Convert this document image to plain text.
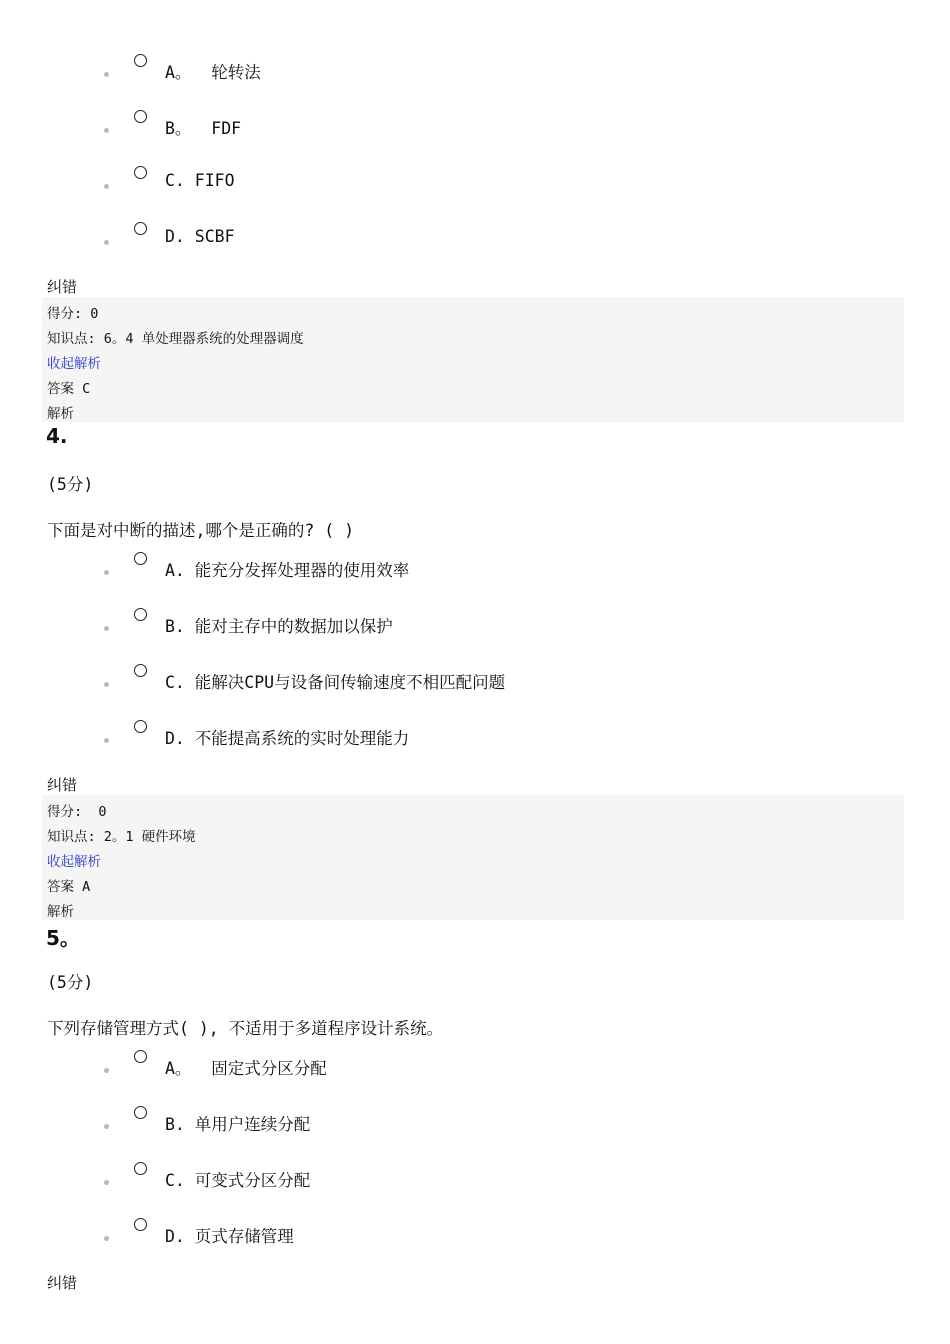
A。  轮转法
B。  FDF
C. FIFO
D. SCBF
纠错
得分: 0
知识点: 6。4 单处理器系统的处理器调度
收起解析
答案 C
解析
4.
(5分)
下面是对中断的描述,哪个是正确的? ( )
A. 能充分发挥处理器的使用效率
B. 能对主存中的数据加以保护
C. 能解决CPU与设备间传输速度不相匹配问题
D. 不能提高系统的实时处理能力
纠错
得分:  0
知识点: 2。1 硬件环境
收起解析
答案 A
解析
5。
(5分)
下列存储管理方式( ), 不适用于多道程序设计系统。
A。  固定式分区分配
B. 单用户连续分配
C. 可变式分区分配
D. 页式存储管理
纠错
